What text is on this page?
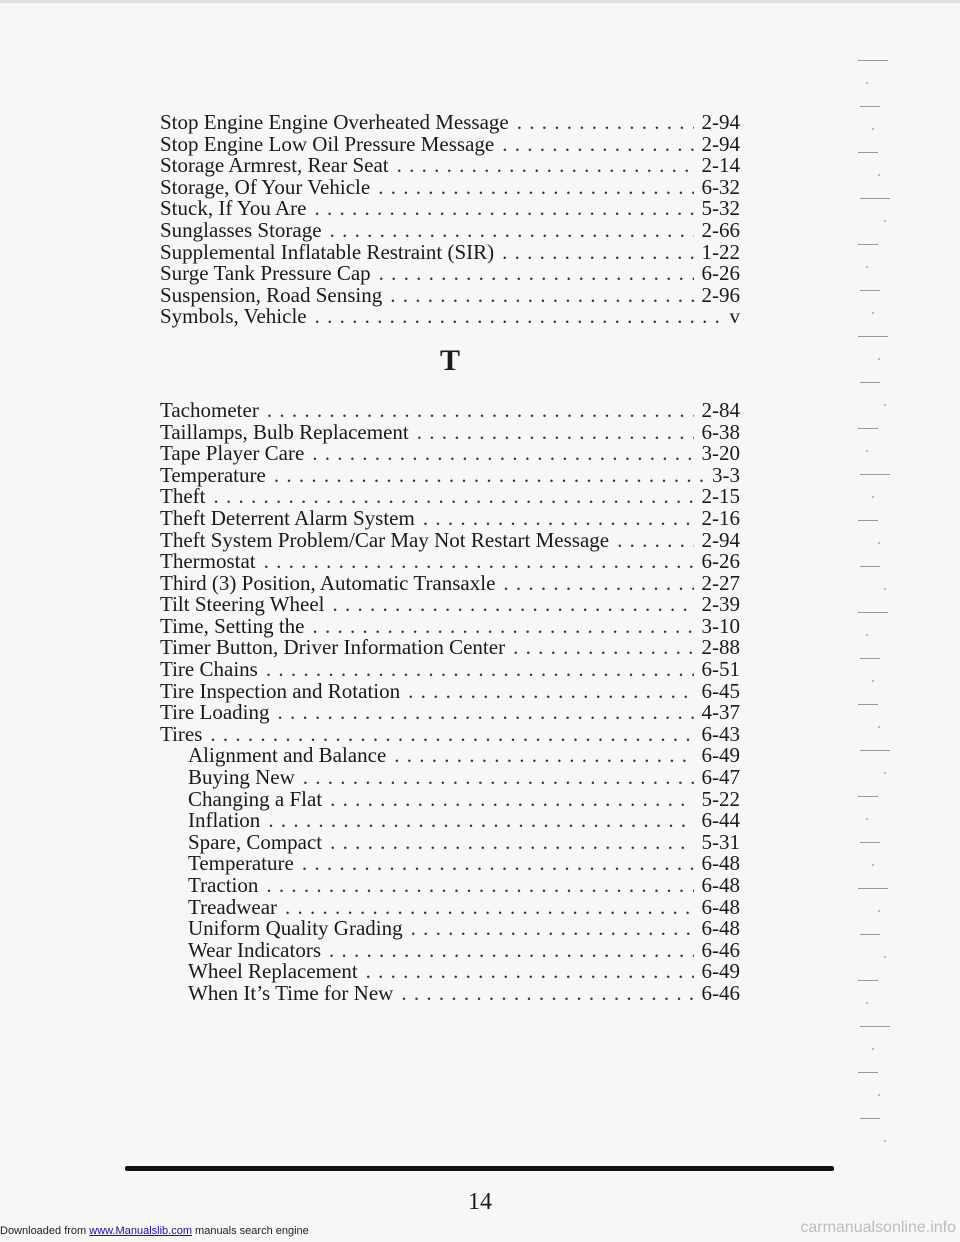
Stop Engine Engine Overheated Message . . .	2-94
Stop Engine Low Oil Pressure Message . . .	2-94
Storage Armrest, Rear Seat . . .	2-14
Storage, Of Your Vehicle . . .	6-32
Stuck, If You Are . . .	5-32
Sunglasses Storage . . .	2-66
Supplemental Inflatable Restraint (SIR) . . .	1-22
Surge Tank Pressure Cap . . .	6-26
Suspension, Road Sensing . . .	2-96
Symbols, Vehicle . . .	v
T
Tachometer . . .	2-84
Taillamps, Bulb Replacement . . .	6-38
Tape Player Care . . .	3-20
Temperature . . .	3-3
Theft . . .	2-15
Theft Deterrent Alarm System . . .	2-16
Theft System Problem/Car May Not Restart Message . . .	2-94
Thermostat . . .	6-26
Third (3) Position, Automatic Transaxle . . .	2-27
Tilt Steering Wheel . . .	2-39
Time, Setting the . . .	3-10
Timer Button, Driver Information Center . . .	2-88
Tire Chains . . .	6-51
Tire Inspection and Rotation . . .	6-45
Tire Loading . . .	4-37
Tires . . .	6-43
Alignment and Balance . . .	6-49
Buying New . . .	6-47
Changing a Flat . . .	5-22
Inflation . . .	6-44
Spare, Compact . . .	5-31
Temperature . . .	6-48
Traction . . .	6-48
Treadwear . . .	6-48
Uniform Quality Grading . . .	6-48
Wear Indicators . . .	6-46
Wheel Replacement . . .	6-49
When It’s Time for New . . .	6-46
14
Downloaded from www.Manualslib.com manuals search engine	carmanualsonline.info
